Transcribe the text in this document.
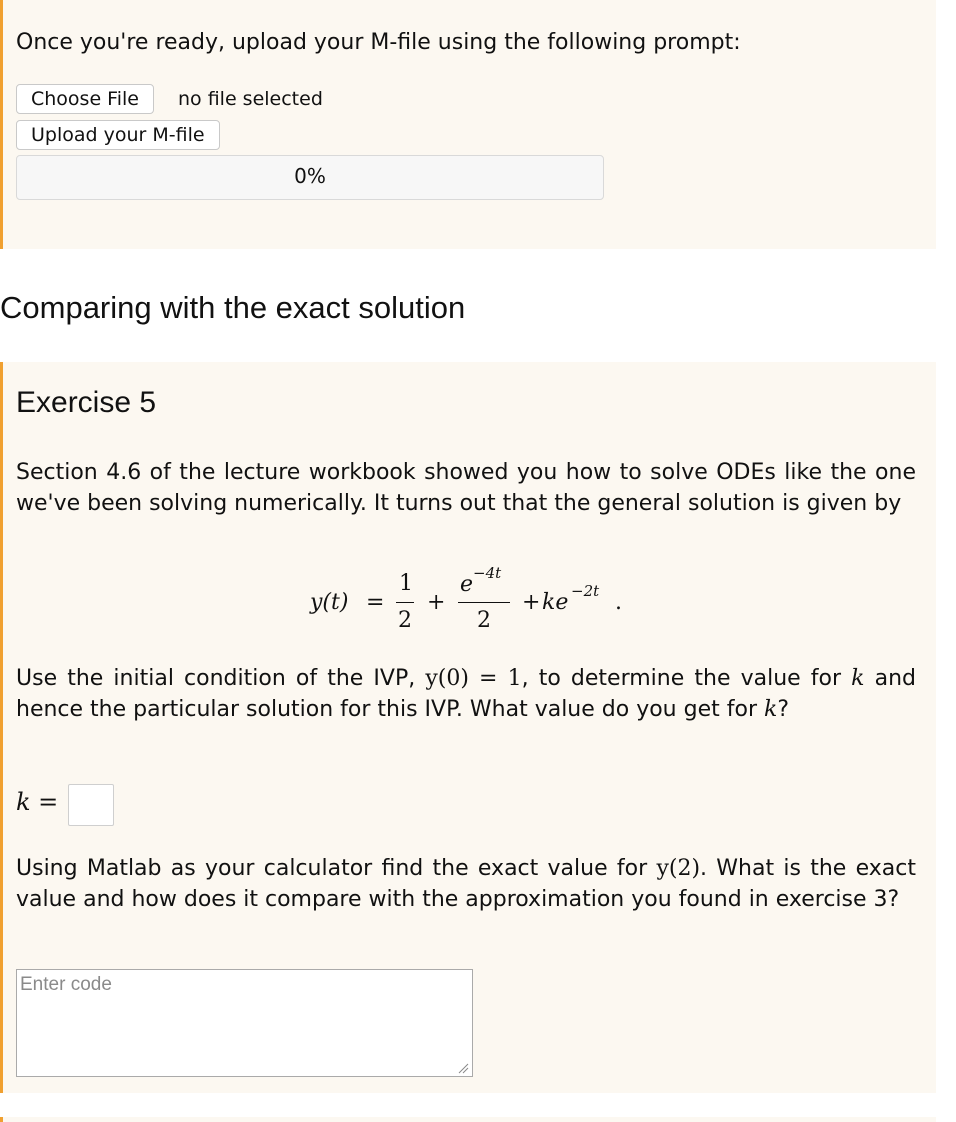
Once you're ready, upload your M-file using the following prompt:
Choose File	no file selected
Upload your M-file
0%
Comparing with the exact solution
Exercise 5

Section 4.6 of the lecture workbook showed you how to solve ODEs like the one we've been solving numerically. It turns out that the general solution is given by

y(t) =
1
2
+
e −4t
2
+ ke −2t .

Use the initial condition of the IVP, y(0) = 1, to determine the value for k and hence the particular solution for this IVP. What value do you get for k?

k =

Using Matlab as your calculator find the exact value for y(2). What is the exact value and how does it compare with the approximation you found in exercise 3?

Enter code
